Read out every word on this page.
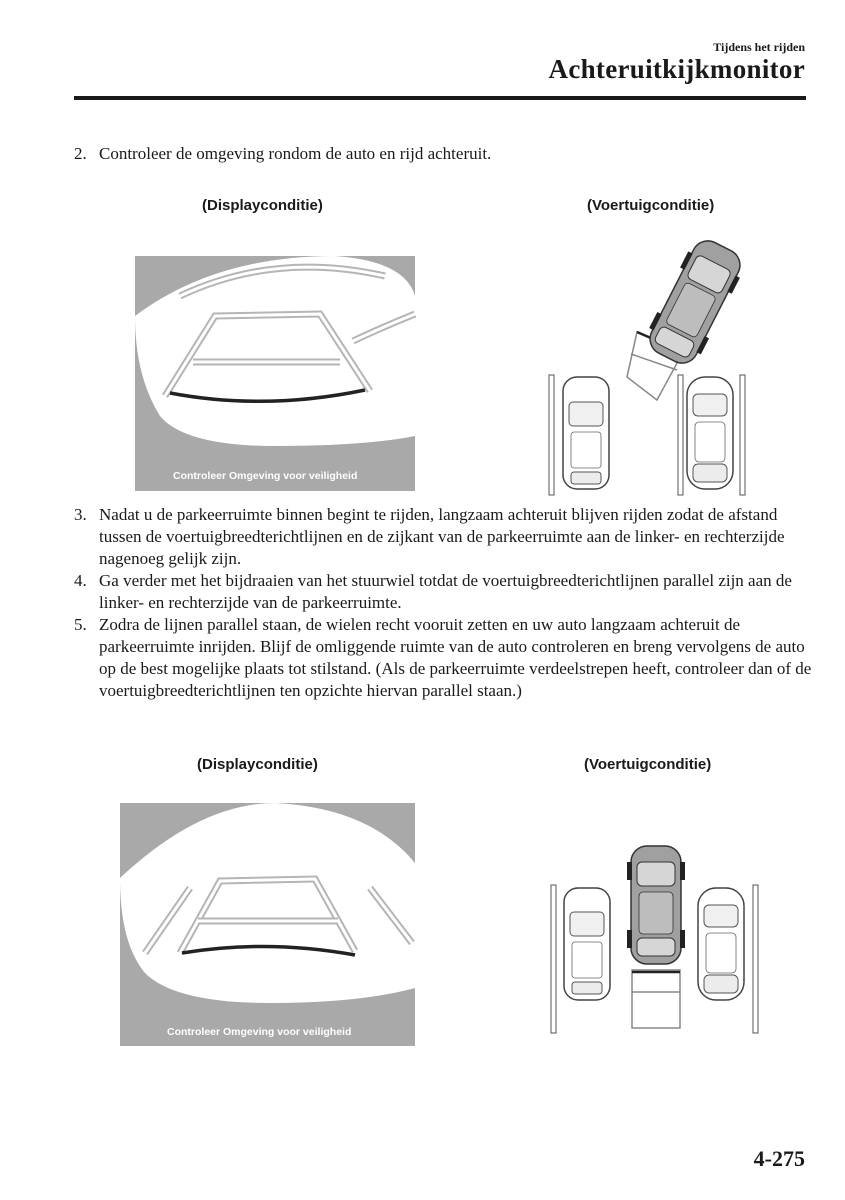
Tijdens het rijden
Achteruitkijkmonitor
2. Controleer de omgeving rondom de auto en rijd achteruit.
(Displayconditie)	(Voertuigconditie)
Controleer Omgeving voor veiligheid
3. Nadat u de parkeerruimte binnen begint te rijden, langzaam achteruit blijven rijden zodat de afstand tussen de voertuigbreedterichtlijnen en de zijkant van de parkeerruimte aan de linker- en rechterzijde nagenoeg gelijk zijn.
4. Ga verder met het bijdraaien van het stuurwiel totdat de voertuigbreedterichtlijnen parallel zijn aan de linker- en rechterzijde van de parkeerruimte.
5. Zodra de lijnen parallel staan, de wielen recht vooruit zetten en uw auto langzaam achteruit de parkeerruimte inrijden. Blijf de omliggende ruimte van de auto controleren en breng vervolgens de auto op de best mogelijke plaats tot stilstand. (Als de parkeerruimte verdeelstrepen heeft, controleer dan of de voertuigbreedterichtlijnen ten opzichte hiervan parallel staan.)
(Displayconditie)	(Voertuigconditie)
Controleer Omgeving voor veiligheid
4-275
